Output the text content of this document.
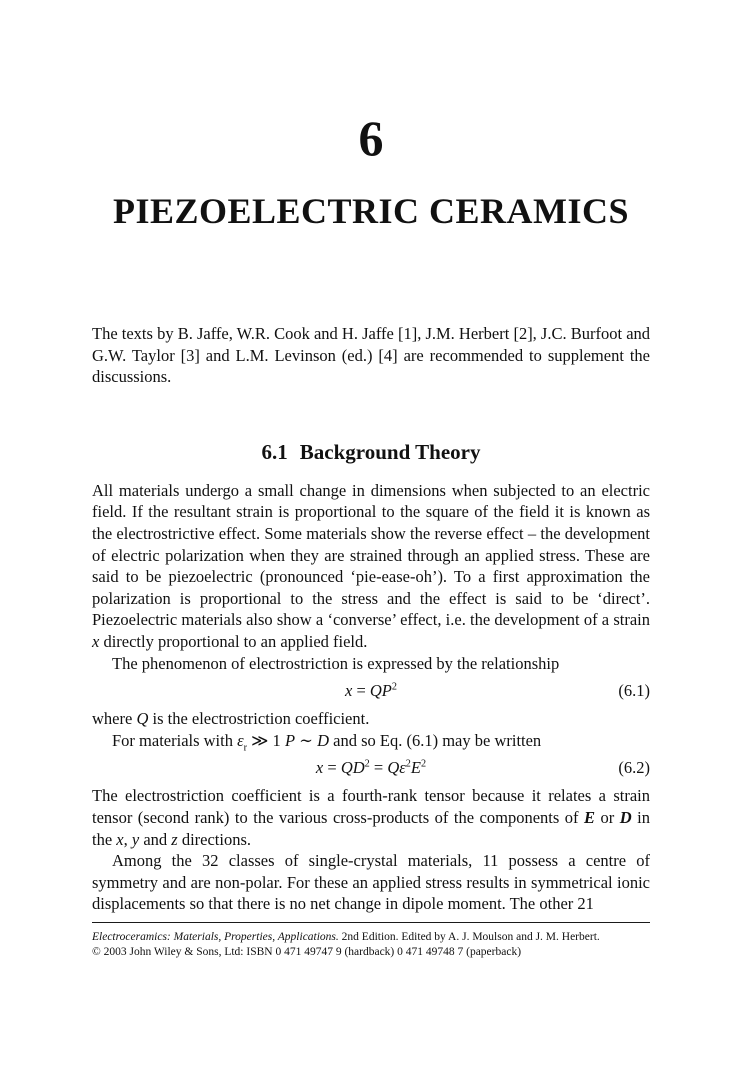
6
PIEZOELECTRIC CERAMICS

The texts by B. Jaffe, W.R. Cook and H. Jaffe [1], J.M. Herbert [2], J.C. Burfoot and G.W. Taylor [3] and L.M. Levinson (ed.) [4] are recommended to supplement the discussions.

6.1 Background Theory

All materials undergo a small change in dimensions when subjected to an electric field. If the resultant strain is proportional to the square of the field it is known as the electrostrictive effect. Some materials show the reverse effect – the development of electric polarization when they are strained through an applied stress. These are said to be piezoelectric (pronounced ‘pie-ease-oh’). To a first approximation the polarization is proportional to the stress and the effect is said to be ‘direct’. Piezoelectric materials also show a ‘converse’ effect, i.e. the development of a strain x directly proportional to an applied field.

The phenomenon of electrostriction is expressed by the relationship

$x = QP^2$	(6.1)

where Q is the electrostriction coefficient.

For materials with $\varepsilon_r$ ≫ 1 P ∼ D and so Eq. (6.1) may be written

$x = QD^2 = Q\varepsilon^2E^2$	(6.2)

The electrostriction coefficient is a fourth-rank tensor because it relates a strain tensor (second rank) to the various cross-products of the components of E or D in the x, y and z directions.

Among the 32 classes of single-crystal materials, 11 possess a centre of symmetry and are non-polar. For these an applied stress results in symmetrical ionic displacements so that there is no net change in dipole moment. The other 21

Electroceramics: Materials, Properties, Applications. 2nd Edition. Edited by A. J. Moulson and J. M. Herbert.

© 2003 John Wiley & Sons, Ltd: ISBN 0 471 49747 9 (hardback) 0 471 49748 7 (paperback)
